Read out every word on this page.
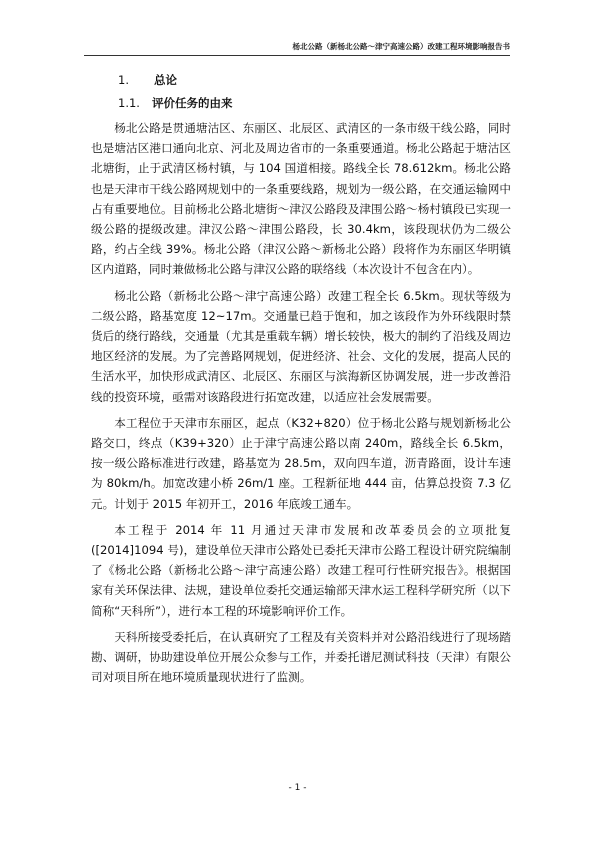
杨北公路（新杨北公路～津宁高速公路）改建工程环境影响报告书
1. 总论
1.1. 评价任务的由来

杨北公路是贯通塘沽区、东丽区、北辰区、武清区的一条市级干线公路，同时也是塘沽区港口通向北京、河北及周边省市的一条重要通道。杨北公路起于塘沽区北塘街，止于武清区杨村镇，与 104 国道相接。路线全长 78.612km。杨北公路也是天津市干线公路网规划中的一条重要线路，规划为一级公路，在交通运输网中占有重要地位。目前杨北公路北塘街～津汉公路段及津围公路～杨村镇段已实现一级公路的提级改建。津汉公路～津围公路段，长 30.4km，该段现状仍为二级公路，约占全线 39%。杨北公路（津汉公路～新杨北公路）段将作为东丽区华明镇区内道路，同时兼做杨北公路与津汉公路的联络线（本次设计不包含在内）。

杨北公路（新杨北公路～津宁高速公路）改建工程全长 6.5km。现状等级为二级公路，路基宽度 12~17m。交通量已趋于饱和，加之该段作为外环线限时禁货后的绕行路线，交通量（尤其是重载车辆）增长较快，极大的制约了沿线及周边地区经济的发展。为了完善路网规划，促进经济、社会、文化的发展，提高人民的生活水平，加快形成武清区、北辰区、东丽区与滨海新区协调发展，进一步改善沿线的投资环境，亟需对该路段进行拓宽改建，以适应社会发展需要。

本工程位于天津市东丽区，起点（K32+820）位于杨北公路与规划新杨北公路交口，终点（K39+320）止于津宁高速公路以南 240m，路线全长 6.5km，按一级公路标准进行改建，路基宽为 28.5m，双向四车道，沥青路面，设计车速为 80km/h。加宽改建小桥 26m/1 座。工程新征地 444 亩，估算总投资 7.3 亿元。计划于 2015 年初开工，2016 年底竣工通车。

本工程于 2014 年 11 月通过天津市发展和改革委员会的立项批复([2014]1094 号)，建设单位天津市公路处已委托天津市公路工程设计研究院编制了《杨北公路（新杨北公路～津宁高速公路）改建工程可行性研究报告》。根据国家有关环保法律、法规，建设单位委托交通运输部天津水运工程科学研究所（以下简称“天科所”），进行本工程的环境影响评价工作。

天科所接受委托后，在认真研究了工程及有关资料并对公路沿线进行了现场踏勘、调研，协助建设单位开展公众参与工作，并委托谱尼测试科技（天津）有限公司对项目所在地环境质量现状进行了监测。

- 1 -
